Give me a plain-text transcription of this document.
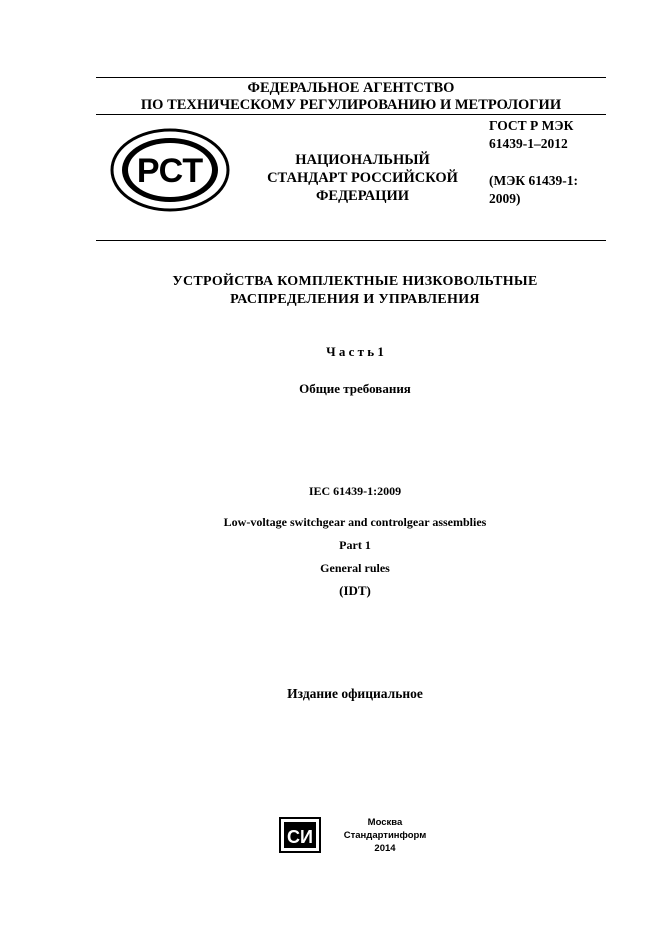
ФЕДЕРАЛЬНОЕ АГЕНТСТВО
ПО ТЕХНИЧЕСКОМУ РЕГУЛИРОВАНИЮ И МЕТРОЛОГИИ
РСТ	НАЦИОНАЛЬНЫЙ
СТАНДАРТ РОССИЙСКОЙ
ФЕДЕРАЦИИ
ГОСТ Р МЭК
61439-1–2012
(МЭК 61439-1:
2009)
УСТРОЙСТВА КОМПЛЕКТНЫЕ НИЗКОВОЛЬТНЫЕ
РАСПРЕДЕЛЕНИЯ И УПРАВЛЕНИЯ
Ч а с т ь 1
Общие требования
IEC 61439-1:2009
Low-voltage switchgear and controlgear assemblies
Part 1
General rules
(IDT)
Издание официальное
СИ
Москва
Стандартинформ
2014
